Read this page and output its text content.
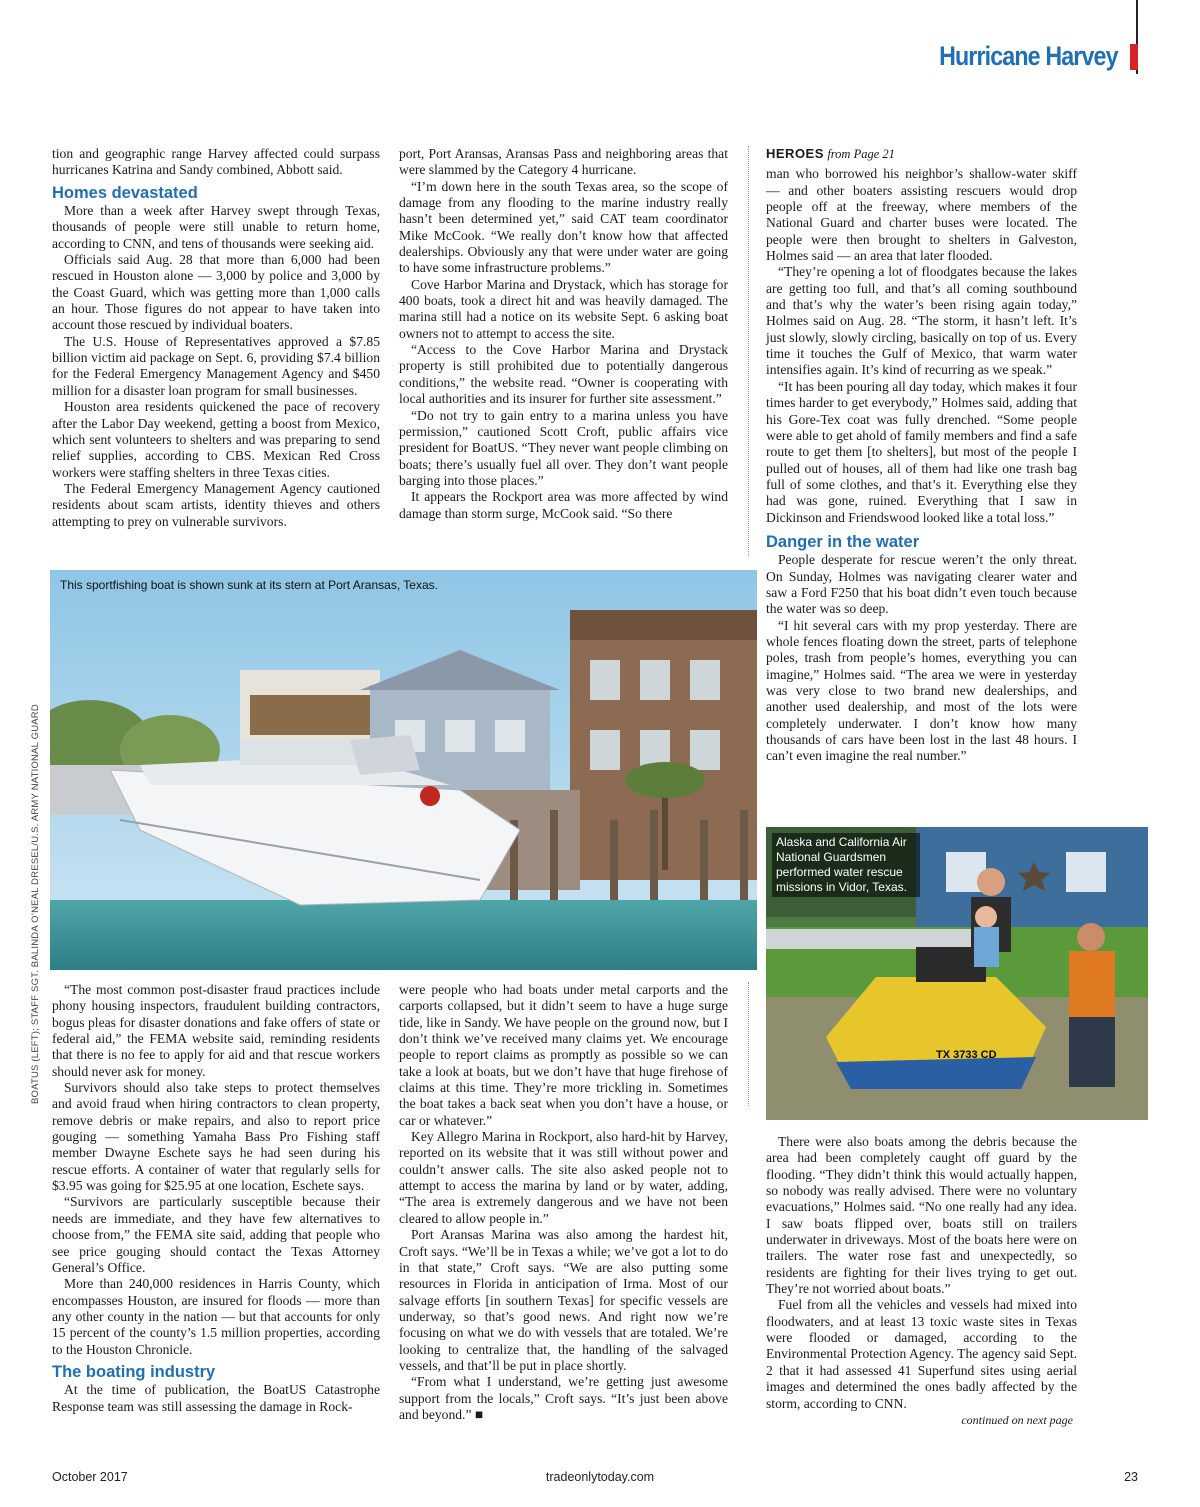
Hurricane Harvey

tion and geographic range Harvey affected could surpass hurricanes Katrina and Sandy combined, Abbott said.

Homes devastated

More than a week after Harvey swept through Texas, thousands of people were still unable to return home, according to CNN, and tens of thousands were seeking aid.

Officials said Aug. 28 that more than 6,000 had been rescued in Houston alone — 3,000 by police and 3,000 by the Coast Guard, which was getting more than 1,000 calls an hour. Those figures do not appear to have taken into account those rescued by individual boaters.

The U.S. House of Representatives approved a $7.85 billion victim aid package on Sept. 6, providing $7.4 billion for the Federal Emergency Management Agency and $450 million for a disaster loan program for small businesses.

Houston area residents quickened the pace of recovery after the Labor Day weekend, getting a boost from Mexico, which sent volunteers to shelters and was preparing to send relief supplies, according to CBS. Mexican Red Cross workers were staffing shelters in three Texas cities.

The Federal Emergency Management Agency cautioned residents about scam artists, identity thieves and others attempting to prey on vulnerable survivors.

port, Port Aransas, Aransas Pass and neighboring areas that were slammed by the Category 4 hurricane.

“I’m down here in the south Texas area, so the scope of damage from any flooding to the marine industry really hasn’t been determined yet,” said CAT team coordinator Mike McCook. “We really don’t know how that affected dealerships. Obviously any that were under water are going to have some infrastructure problems.”

Cove Harbor Marina and Drystack, which has storage for 400 boats, took a direct hit and was heavily damaged. The marina still had a notice on its website Sept. 6 asking boat owners not to attempt to access the site.

“Access to the Cove Harbor Marina and Drystack property is still prohibited due to potentially dangerous conditions,” the website read. “Owner is cooperating with local authorities and its insurer for further site assessment.”

“Do not try to gain entry to a marina unless you have permission,” cautioned Scott Croft, public affairs vice president for BoatUS. “They never want people climbing on boats; there’s usually fuel all over. They don’t want people barging into those places.”

It appears the Rockport area was more affected by wind damage than storm surge, McCook said. “So there

HEROES from Page 21

man who borrowed his neighbor’s shallow-water skiff — and other boaters assisting rescuers would drop people off at the freeway, where members of the National Guard and charter buses were located. The people were then brought to shelters in Galveston, Holmes said — an area that later flooded.

“They’re opening a lot of floodgates because the lakes are getting too full, and that’s all coming southbound and that’s why the water’s been rising again today,” Holmes said on Aug. 28. “The storm, it hasn’t left. It’s just slowly, slowly circling, basically on top of us. Every time it touches the Gulf of Mexico, that warm water intensifies again. It’s kind of recurring as we speak.”

“It has been pouring all day today, which makes it four times harder to get everybody,” Holmes said, adding that his Gore-Tex coat was fully drenched. “Some people were able to get ahold of family members and find a safe route to get them [to shelters], but most of the people I pulled out of houses, all of them had like one trash bag full of some clothes, and that’s it. Everything else they had was gone, ruined. Everything that I saw in Dickinson and Friendswood looked like a total loss.”

Danger in the water

People desperate for rescue weren’t the only threat. On Sunday, Holmes was navigating clearer water and saw a Ford F250 that his boat didn’t even touch because the water was so deep.

“I hit several cars with my prop yesterday. There are whole fences floating down the street, parts of telephone poles, trash from people’s homes, everything you can imagine,” Holmes said. “The area we were in yesterday was very close to two brand new dealerships, and another used dealership, and most of the lots were completely underwater. I don’t know how many thousands of cars have been lost in the last 48 hours. I can’t even imagine the real number.”

This sportfishing boat is shown sunk at its stern at Port Aransas, Texas.
TX 3733 CD
Alaska and California Air National Guardsmen performed water rescue missions in Vidor, Texas.

“The most common post-disaster fraud practices include phony housing inspectors, fraudulent building contractors, bogus pleas for disaster donations and fake offers of state or federal aid,” the FEMA website said, reminding residents that there is no fee to apply for aid and that rescue workers should never ask for money.

Survivors should also take steps to protect themselves and avoid fraud when hiring contractors to clean property, remove debris or make repairs, and also to report price gouging — something Yamaha Bass Pro Fishing staff member Dwayne Eschete says he had seen during his rescue efforts. A container of water that regularly sells for $3.95 was going for $25.95 at one location, Eschete says.

“Survivors are particularly susceptible because their needs are immediate, and they have few alternatives to choose from,” the FEMA site said, adding that people who see price gouging should contact the Texas Attorney General’s Office.

More than 240,000 residences in Harris County, which encompasses Houston, are insured for floods — more than any other county in the nation — but that accounts for only 15 percent of the county’s 1.5 million properties, according to the Houston Chronicle.

The boating industry

At the time of publication, the BoatUS Catastrophe Response team was still assessing the damage in Rock-

were people who had boats under metal carports and the carports collapsed, but it didn’t seem to have a huge surge tide, like in Sandy. We have people on the ground now, but I don’t think we’ve received many claims yet. We encourage people to report claims as promptly as possible so we can take a look at boats, but we don’t have that huge firehose of claims at this time. They’re more trickling in. Sometimes the boat takes a back seat when you don’t have a house, or car or whatever.”

Key Allegro Marina in Rockport, also hard-hit by Harvey, reported on its website that it was still without power and couldn’t answer calls. The site also asked people not to attempt to access the marina by land or by water, adding, “The area is extremely dangerous and we have not been cleared to allow people in.”

Port Aransas Marina was also among the hardest hit, Croft says. “We’ll be in Texas a while; we’ve got a lot to do in that state,” Croft says. “We are also putting some resources in Florida in anticipation of Irma. Most of our salvage efforts [in southern Texas] for specific vessels are underway, so that’s good news. And right now we’re focusing on what we do with vessels that are totaled. We’re looking to centralize that, the handling of the salvaged vessels, and that’ll be put in place shortly.

“From what I understand, we’re getting just awesome support from the locals,” Croft says. “It’s just been above and beyond.” ■

There were also boats among the debris because the area had been completely caught off guard by the flooding. “They didn’t think this would actually happen, so nobody was really advised. There were no voluntary evacuations,” Holmes said. “No one really had any idea. I saw boats flipped over, boats still on trailers underwater in driveways. Most of the boats here were on trailers. The water rose fast and unexpectedly, so residents are fighting for their lives trying to get out. They’re not worried about boats.”

Fuel from all the vehicles and vessels had mixed into floodwaters, and at least 13 toxic waste sites in Texas were flooded or damaged, according to the Environmental Protection Agency. The agency said Sept. 2 that it had assessed 41 Superfund sites using aerial images and determined the ones badly affected by the storm, according to CNN.

continued on next page

BOATUS (LEFT); STAFF SGT. BALINDA O’NEAL DRESEL/U.S. ARMY NATIONAL GUARD
October 2017	tradeonlytoday.com	23
